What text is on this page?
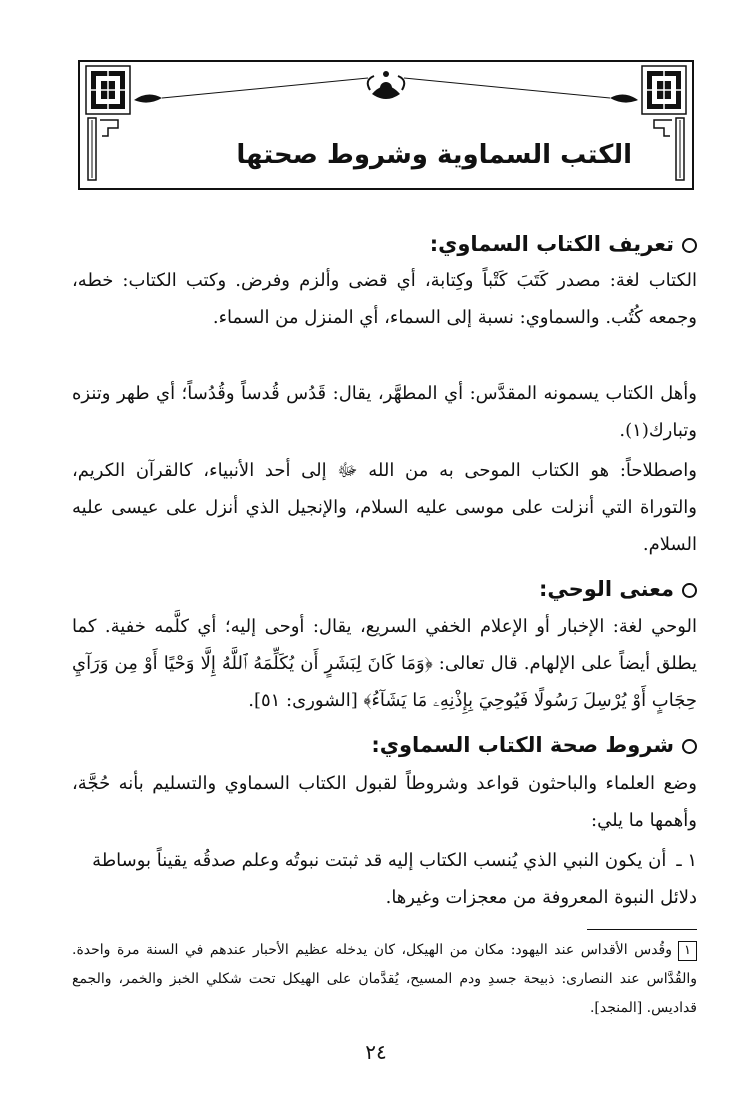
الكتب السماوية وشروط صحتها
تعريف الكتاب السماوي:

الكتاب لغة: مصدر كَتَبَ كَتْباً وكِتابة، أي قضى وألزم وفرض. وكتب الكتاب: خطه، وجمعه كُتُب. والسماوي: نسبة إلى السماء، أي المنزل من السماء.

وأهل الكتاب يسمونه المقدَّس: أي المطهَّر، يقال: قَدُس قُدساً وقُدُساً؛ أي طهر وتنزه وتبارك(١).

واصطلاحاً: هو الكتاب الموحى به من الله ﷻ إلى أحد الأنبياء، كالقرآن الكريم، والتوراة التي أنزلت على موسى عليه السلام، والإنجيل الذي أنزل على عيسى عليه السلام.

معنى الوحي:

الوحي لغة: الإخبار أو الإعلام الخفي السريع، يقال: أوحى إليه؛ أي كلَّمه خفية. كما يطلق أيضاً على الإلهام. قال تعالى: ﴿وَمَا كَانَ لِبَشَرٍ أَن يُكَلِّمَهُ ٱللَّهُ إِلَّا وَحْيًا أَوْ مِن وَرَآيِ حِجَابٍ أَوْ يُرْسِلَ رَسُولًا فَيُوحِيَ بِإِذْنِهِۦ مَا يَشَآءُ﴾ [الشورى: ٥١].

شروط صحة الكتاب السماوي:

وضع العلماء والباحثون قواعد وشروطاً لقبول الكتاب السماوي والتسليم بأنه حُجَّة، وأهمها ما يلي:

١ ـأن يكون النبي الذي يُنسب الكتاب إليه قد ثبتت نبوتُه وعلم صدقُه يقيناً بوساطة دلائل النبوة المعروفة من معجزات وغيرها.

١وقُدس الأقداس عند اليهود: مكان من الهيكل، كان يدخله عظيم الأحبار عندهم في السنة مرة واحدة. والقُدَّاس عند النصارى: ذبيحة جسدِ ودم المسيح، يُقدَّمان على الهيكل تحت شكلي الخبز والخمر، والجمع قداديس. [المنجد].

٢٤
